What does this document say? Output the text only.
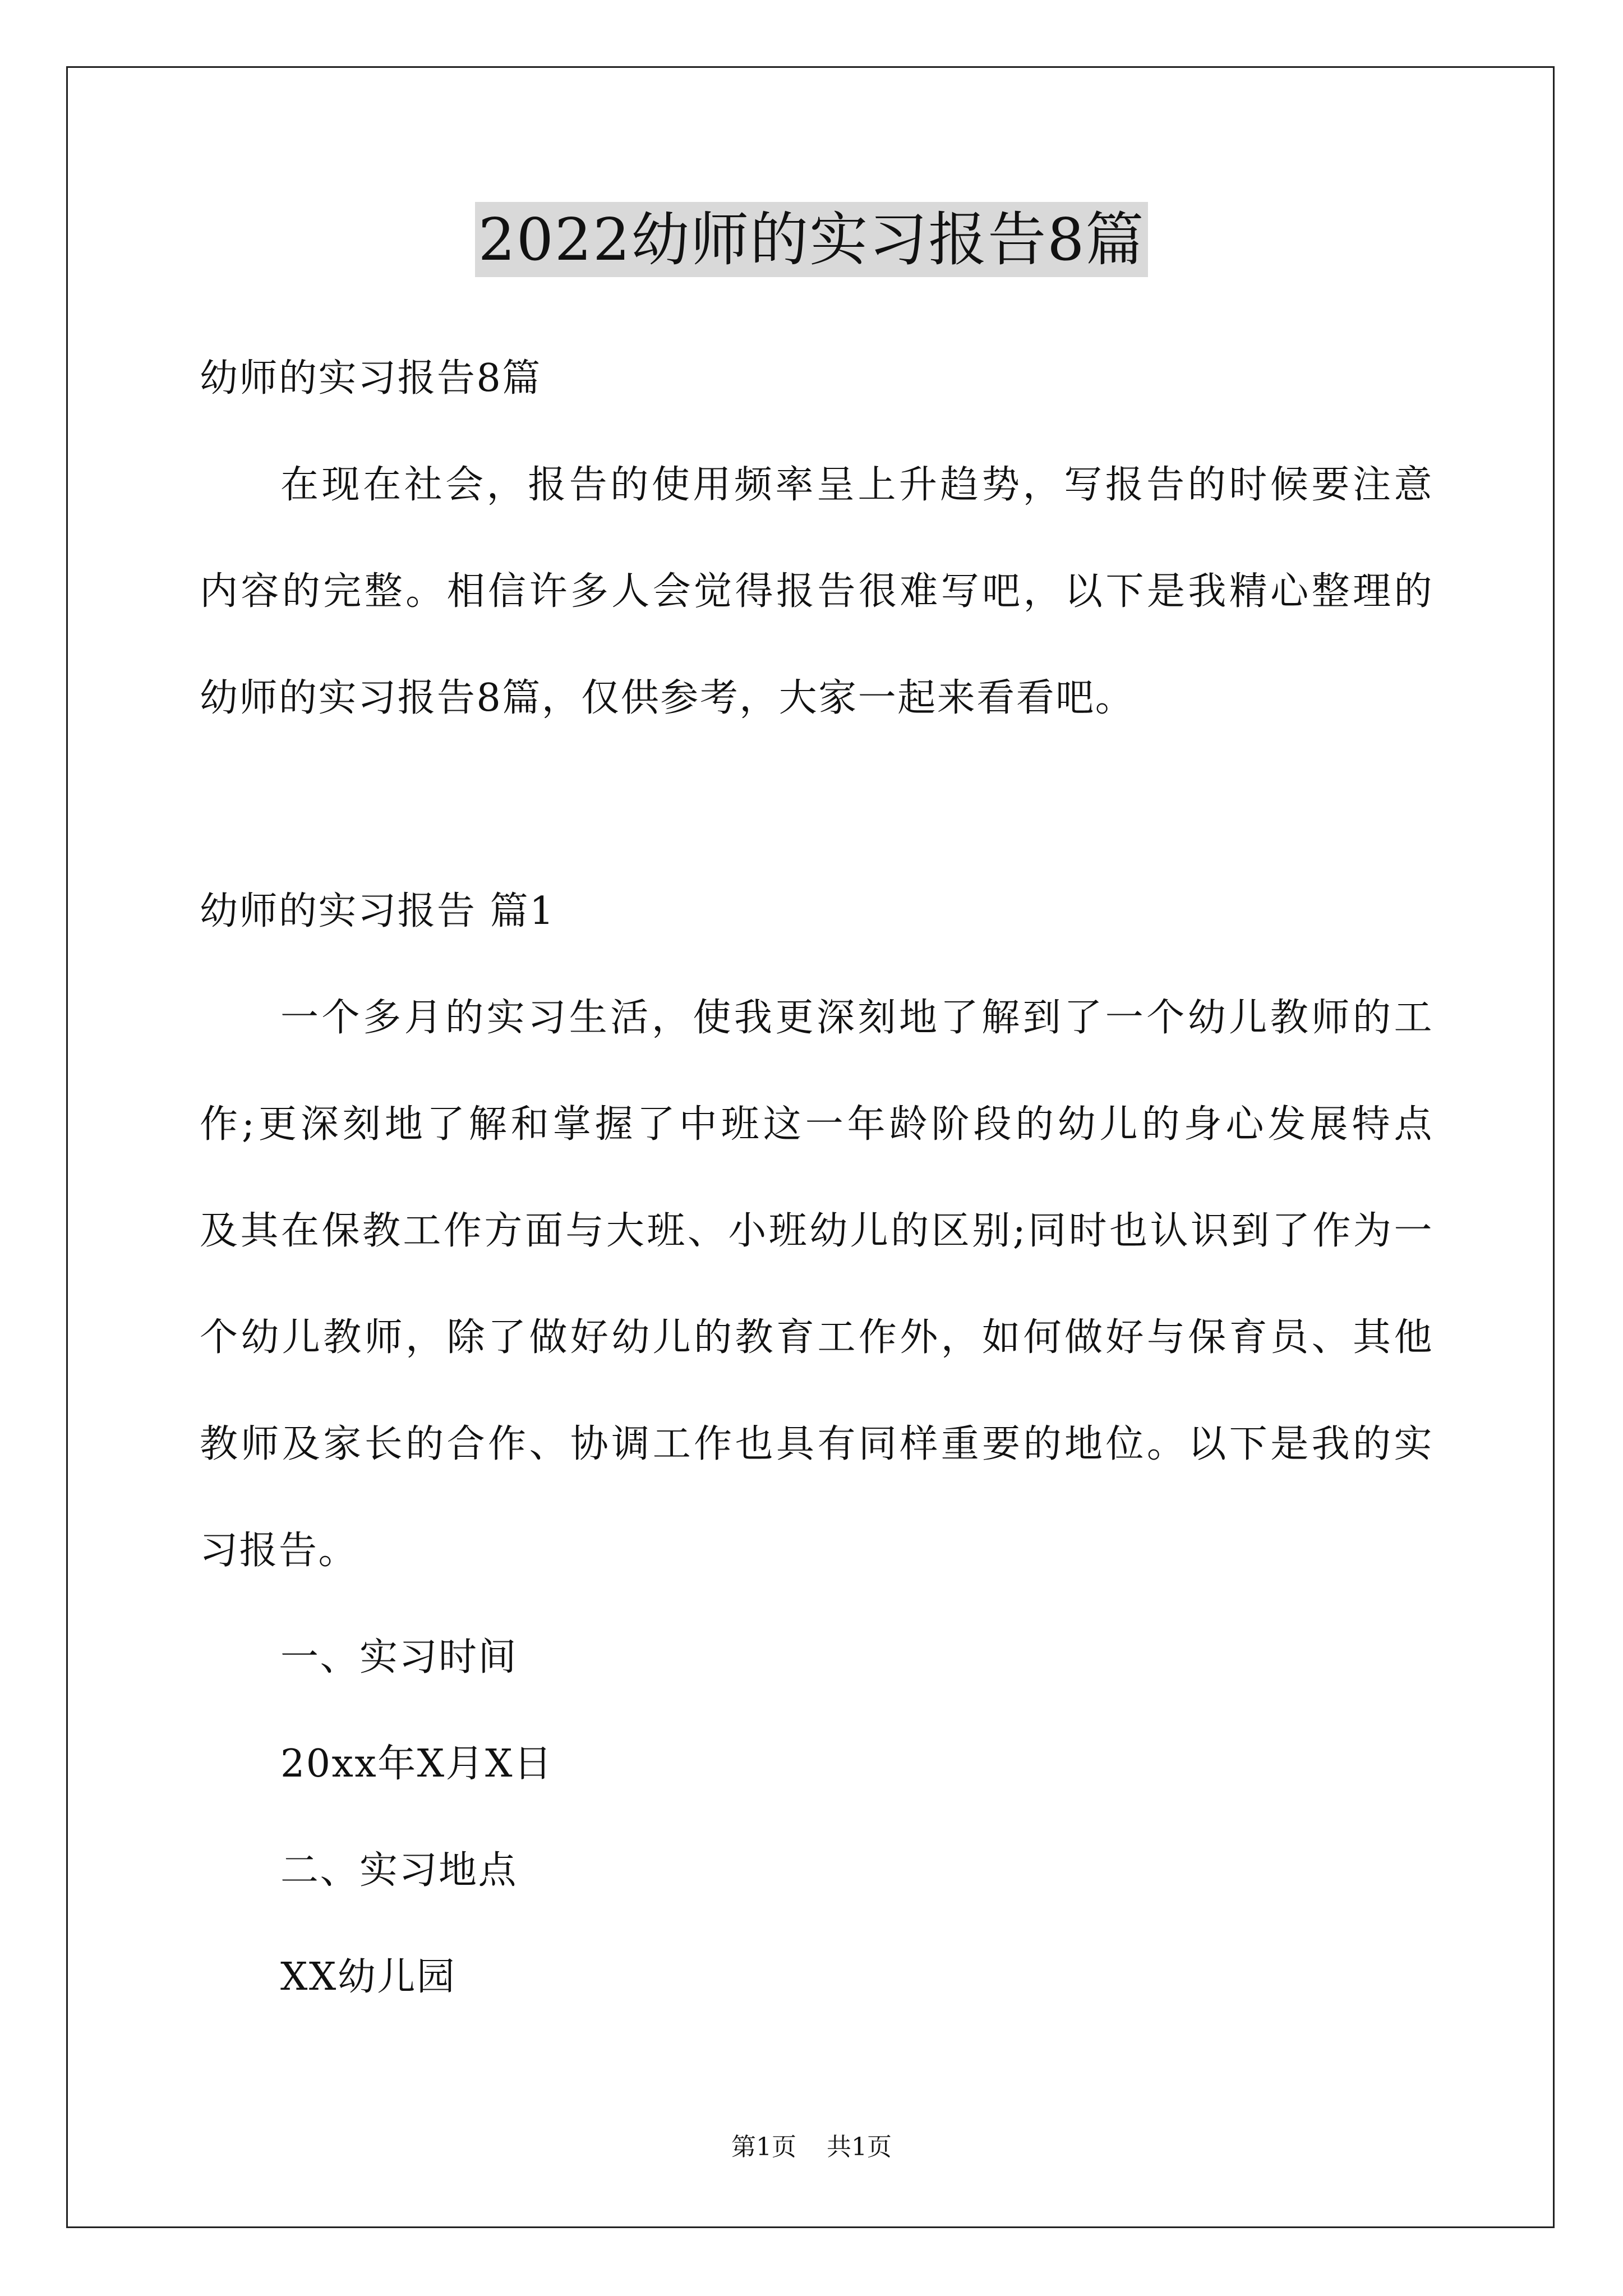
2022幼师的实习报告8篇
幼师的实习报告8篇
在现在社会，报告的使用频率呈上升趋势，写报告的时候要注意
内容的完整。相信许多人会觉得报告很难写吧，以下是我精心整理的
幼师的实习报告8篇，仅供参考，大家一起来看看吧。
幼师的实习报告 篇1
一个多月的实习生活，使我更深刻地了解到了一个幼儿教师的工
作;更深刻地了解和掌握了中班这一年龄阶段的幼儿的身心发展特点
及其在保教工作方面与大班、小班幼儿的区别;同时也认识到了作为一
个幼儿教师，除了做好幼儿的教育工作外，如何做好与保育员、其他
教师及家长的合作、协调工作也具有同样重要的地位。以下是我的实
习报告。
一、实习时间
20xx年X月X日
二、实习地点
XX幼儿园
第1页 共1页
